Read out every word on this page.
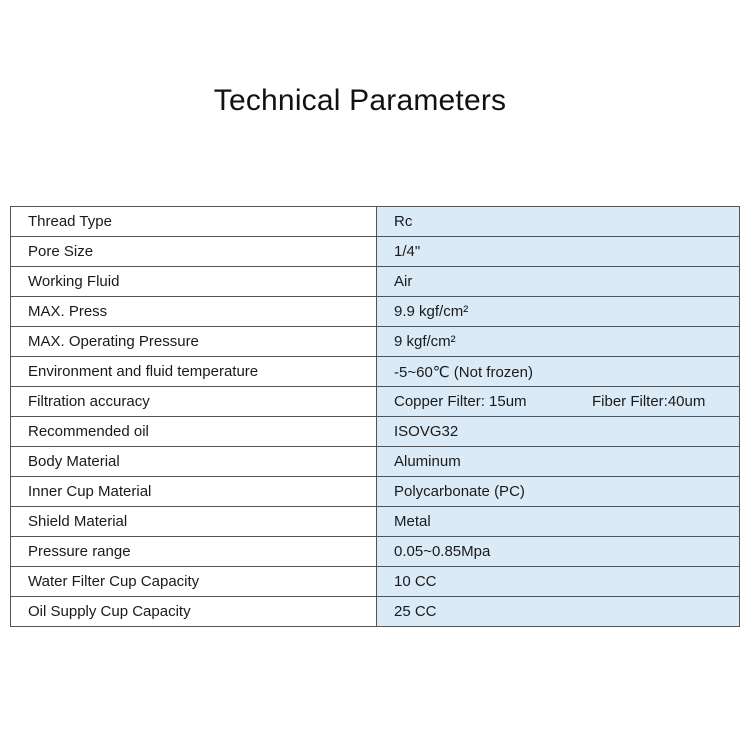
Technical Parameters
Thread Type	Rc
Pore Size	1/4"
Working Fluid	Air
MAX. Press	9.9 kgf/cm²
MAX. Operating Pressure	9 kgf/cm²
Environment and fluid temperature	-5~60℃ (Not frozen)
Filtration accuracy	Copper Filter: 15um Fiber Filter:40um
Recommended oil	ISOVG32
Body Material	Aluminum
Inner Cup Material	Polycarbonate (PC)
Shield Material	Metal
Pressure range	0.05~0.85Mpa
Water Filter Cup Capacity	10 CC
Oil Supply Cup Capacity	25 CC
